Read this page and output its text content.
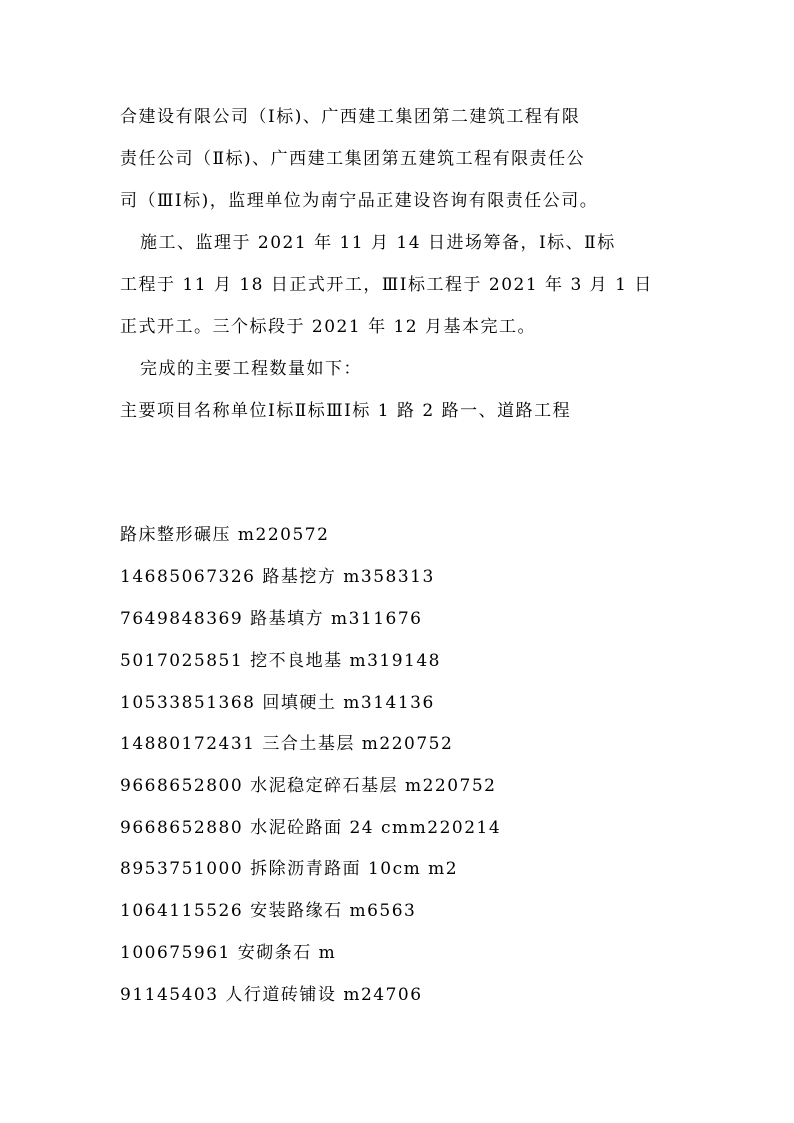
合建设有限公司（Ⅰ标)、广西建工集团第二建筑工程有限
责任公司（Ⅱ标)、广西建工集团第五建筑工程有限责任公
司（ⅢI标)，监理单位为南宁品正建设咨询有限责任公司。
施工、监理于 2021 年 11 月 14 日进场筹备，Ⅰ标、Ⅱ标
工程于 11 月 18 日正式开工，ⅢI标工程于 2021 年 3 月 1 日
正式开工。三个标段于 2021 年 12 月基本完工。
完成的主要工程数量如下：
主要项目名称单位Ⅰ标Ⅱ标ⅢI标 1 路 2 路一、道路工程
路床整形碾压 m220572
14685067326 路基挖方 m358313
7649848369 路基填方 m311676
5017025851 挖不良地基 m319148
10533851368 回填硬土 m314136
14880172431 三合土基层 m220752
9668652800 水泥稳定碎石基层 m220752
9668652880 水泥砼路面 24 cmm220214
8953751000 拆除沥青路面 10cm m2
1064115526 安装路缘石 m6563
100675961 安砌条石 m
91145403 人行道砖铺设 m24706
